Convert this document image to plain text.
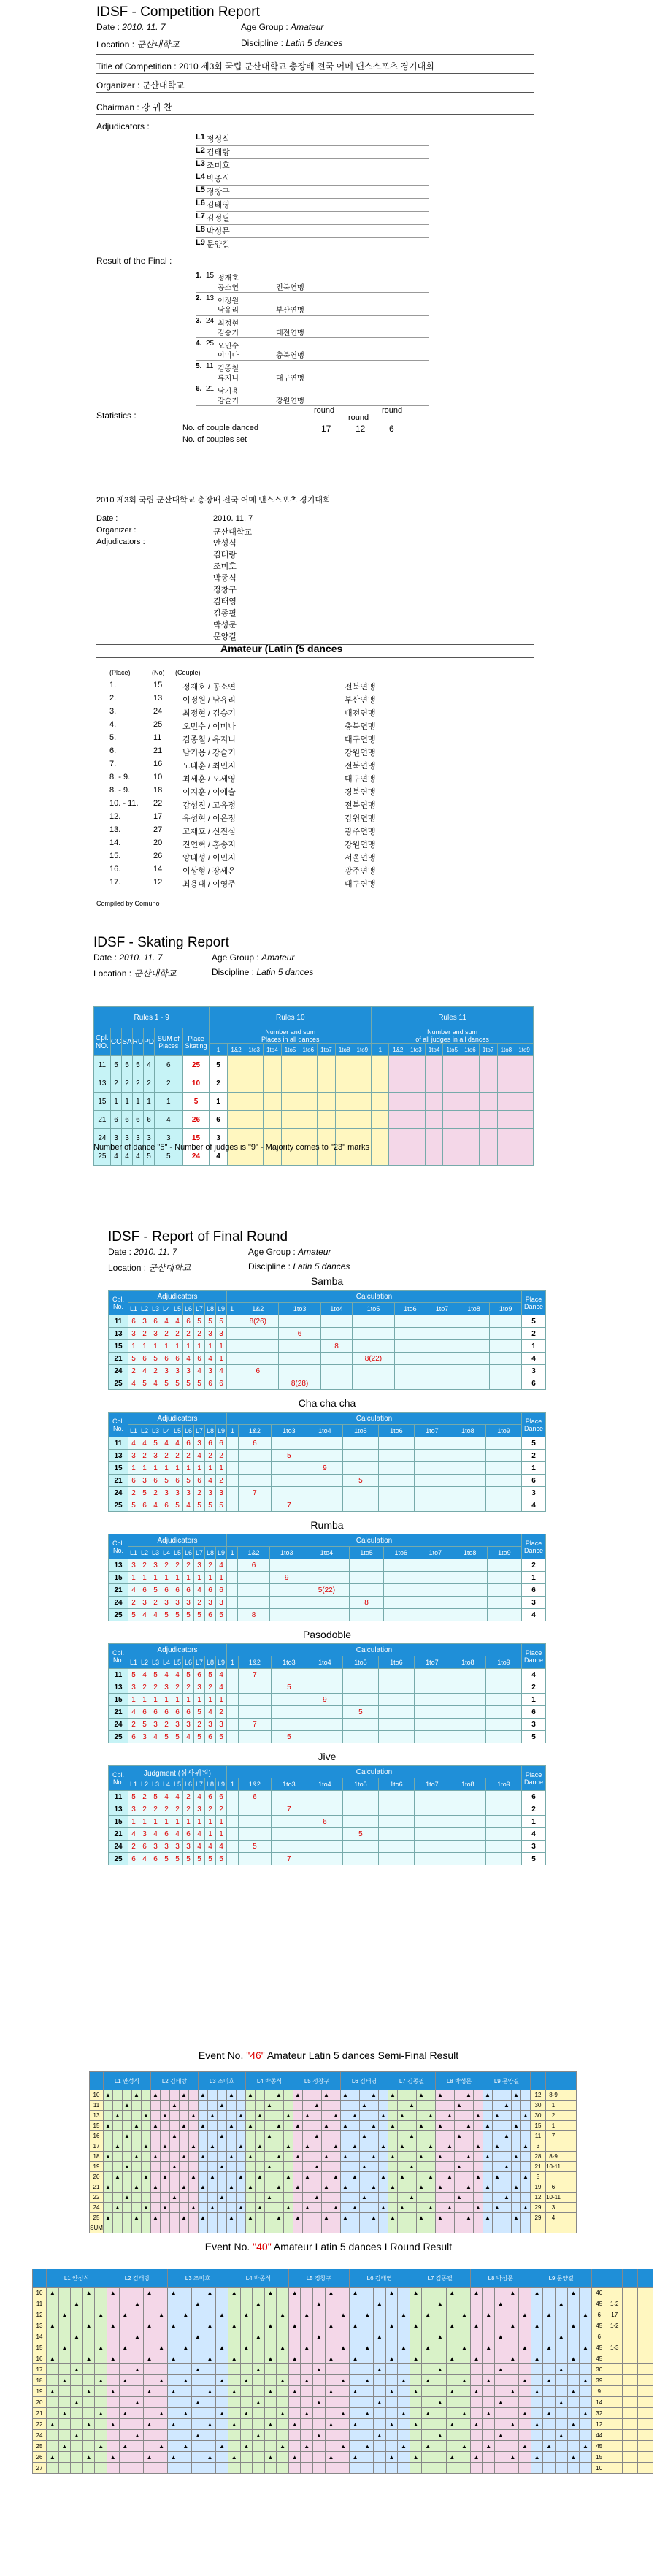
IDSF - Competition Report
Date : 2010. 11. 7	Age Group : Amateur
Location : 군산대학교	Discipline : Latin 5 dances
Title of Competition : 2010 제3회 국립 군산대학교 총장배 전국 어메 댄스스포츠 경기대회
Organizer : 군산대학교
Chairman : 강 귀 찬
Adjudicators :
L1 정성식
L2 김태랑
L3 조미호
L4 박종식
L5 정창구
L6 김태영
L7 김정필
L8 박성문
L9 문양길
Result of the Final :
1. 15 정재호
공소연	전북연맹
2. 13 이정원
남유리	부산연맹
3. 24 최정현
김승기	대전연맹
4. 25 오민수
이미나	충북연맹
5. 11 김종철
류지니	대구연맹
6. 21 남기용
강슬기	강원연맹
Statistics :	round
round
round
No. of couple danced
No. of couples set
17	12	6
2010 제3회 국립 군산대학교 총장배 전국 어메 댄스스포츠 경기대회
Date :	2010. 11. 7
Organizer :	군산대학교
Adjudicators :	안성식
김태랑
조미호
박종식
정창구
김태영
김종필
박성문
문양길
Amateur (Latin (5 dances
(Place)	(No) (Couple)
1.	15	정재호 / 공소연	전북연맹
2.	13	이정원 / 남유리	부산연맹
3.	24	최정현 / 김승기	대전연맹
4.	25	오민수 / 이미나	충북연맹
5.	11	김종철 / 유지니	대구연맹
6.	21	남기용 / 강슬기	강원연맹
7.	16	노태훈 / 최민지	전북연맹
8. - 9.	10	최세훈 / 오세영	대구연맹
8. - 9.	18	이지훈 / 이예슬	경북연맹
10. - 11. 22	강성진 / 고유정	전북연맹
12.	17	유성현 / 이은정	강원연맹
13.	27	고재호 / 신진심	광주연맹
14.	20	진연혁 / 홍송지	강원연맹
15.	26	양태성 / 이민지	서울연맹
16.	14	이상형 / 장세은	광주연맹
17.	12	최용대 / 이영주	대구연맹
Compiled by Comuno
IDSF - Skating Report
Date : 2010. 11. 7	Age Group : Amateur
Location : 군산대학교	Discipline : Latin 5 dances
Rules 1 - 9							Rules 10									Rules 11									
Cpl. NO.	CC	SA	RU	PD	SUM of Places	Place Skating	Number and sum
Places in all dances									Number and sum
of all judges in all dances									
							1	1&2	1to3	1to4	1to5	1to6	1to7	1to8	1to9	1	1&2	1to3	1to4	1to5	1to6	1to7	1to8	1to9	
11	5	5	5	4	6	25	5																		
13	2	2	2	2	2	10	2																		
15	1	1	1	1	1	5	1																		
21	6	6	6	6	4	26	6																		
24	3	3	3	3	3	15	3																		
25	4	4	4	5	5	24	4																		
Number of dance "5" - Number of judges is "9" - Majority comes to "23" marks
IDSF - Report of Final Round
Date : 2010. 11. 7	Age Group : Amateur
Location : 군산대학교	Discipline : Latin 5 dances
Samba
Cpl. No.	Adjudicators									Calculation									Place Dance
	L1	L2	L3	L4	L5	L6	L7	L8	L9	1	1&2	1to3	1to4	1to5	1to6	1to7	1to8	1to9	
11	6	3	6	4	4	6	5	5	5		8(26)								5
13	3	2	3	2	2	2	2	3	3			6							2
15	1	1	1	1	1	1	1	1	1				8						1
21	5	6	5	6	6	4	6	4	1					8(22)					4
24	2	4	2	3	3	3	4	3	4		6								3
25	4	5	4	5	5	5	5	6	6			8(28)							6
Cha cha cha
Cpl. No.	Adjudicators									Calculation									Place Dance
	L1	L2	L3	L4	L5	L6	L7	L8	L9	1	1&2	1to3	1to4	1to5	1to6	1to7	1to8	1to9	
11	4	4	5	4	4	6	3	6	6		6								5
13	3	2	3	2	2	2	4	2	2			5							2
15	1	1	1	1	1	1	1	1	1				9						1
21	6	3	6	5	6	5	6	4	2					5					6
24	2	5	2	3	3	3	2	3	3		7								3
25	5	6	4	6	5	4	5	5	5			7							4
Rumba
Cpl. No.	Adjudicators									Calculation									Place Dance
	L1	L2	L3	L4	L5	L6	L7	L8	L9	1	1&2	1to3	1to4	1to5	1to6	1to7	1to8	1to9	
13	3	2	3	2	2	2	3	2	4		6								2
15	1	1	1	1	1	1	1	1	1			9							1
21	4	6	5	6	6	6	4	6	6				5(22)						6
24	2	3	2	3	3	3	2	3	3					8					3
25	5	4	4	5	5	5	5	6	5		8								4
Pasodoble
Cpl. No.	Adjudicators									Calculation									Place Dance
	L1	L2	L3	L4	L5	L6	L7	L8	L9	1	1&2	1to3	1to4	1to5	1to6	1to7	1to8	1to9	
11	5	4	5	4	4	5	6	5	4		7								4
13	3	2	2	3	2	2	3	2	4			5							2
15	1	1	1	1	1	1	1	1	1				9						1
21	4	6	6	6	6	6	5	4	2					5					6
24	2	5	3	2	3	3	2	3	3		7								3
25	6	3	4	5	5	4	5	6	5			5							5
Jive
Cpl. No.	Judgment (심사위원)									Calculation									Place Dance
	L1	L2	L3	L4	L5	L6	L7	L8	L9	1	1&2	1to3	1to4	1to5	1to6	1to7	1to8	1to9	
11	5	2	5	4	4	2	4	6	6		6								6
13	3	2	2	2	2	2	3	2	2			7							2
15	1	1	1	1	1	1	1	1	1				6						1
21	4	3	4	6	4	6	4	1	1					5					4
24	2	6	3	3	3	3	4	4	4		5								3
25	6	4	6	5	5	5	5	5	5			7							5
Event No. "46" Amateur Latin 5 dances Semi-Final Result
	L1 안성식					L2 김태랑					L3 조미호					L4 박종식					L5 정창구					L6 김태영					L7 김종필					L8 박성문					L9 문양길							
10	▲			▲		▲			▲		▲			▲		▲			▲		▲			▲		▲			▲		▲			▲		▲			▲		▲			▲		12	8-9	
11			▲					▲					▲					▲					▲					▲					▲					▲					▲			30	1	
13		▲			▲		▲			▲		▲			▲		▲			▲		▲			▲		▲			▲		▲			▲		▲			▲		▲			▲	30	2	
15	▲			▲		▲			▲		▲			▲		▲			▲		▲			▲		▲			▲		▲			▲		▲			▲		▲			▲		15	1	
16			▲					▲					▲					▲					▲					▲					▲					▲					▲			11	7	
17		▲			▲		▲			▲		▲			▲		▲			▲		▲			▲		▲			▲		▲			▲		▲			▲		▲			▲	3		
18	▲			▲		▲			▲		▲			▲		▲			▲		▲			▲		▲			▲		▲			▲		▲			▲		▲			▲		28	8-9	
19			▲					▲					▲					▲					▲					▲					▲					▲					▲			21	10-11	
20		▲			▲		▲			▲		▲			▲		▲			▲		▲			▲		▲			▲		▲			▲		▲			▲		▲			▲	5		
21	▲			▲		▲			▲		▲			▲		▲			▲		▲			▲		▲			▲		▲			▲		▲			▲		▲			▲		19	6	
22			▲					▲					▲					▲					▲					▲					▲					▲					▲			12	10-11	
24		▲			▲		▲			▲		▲			▲		▲			▲		▲			▲		▲			▲		▲			▲		▲			▲		▲			▲	29	3	
25	▲			▲		▲			▲		▲			▲		▲			▲		▲			▲		▲			▲		▲			▲		▲			▲		▲			▲		29	4	
SUM																																																
Event No. "40" Amateur Latin 5 dances I Round Result
	L1 안성식					L2 김태랑					L3 조미호					L4 박종식					L5 정창구					L6 김태영					L7 김종필					L8 박성문					L9 문양길								
10	▲			▲		▲			▲		▲			▲		▲			▲		▲			▲		▲			▲		▲			▲		▲			▲		▲			▲		40			
11			▲					▲					▲					▲					▲					▲					▲					▲					▲			45	1-2		
12		▲			▲		▲			▲		▲			▲		▲			▲		▲			▲		▲			▲		▲			▲		▲			▲		▲			▲	6	17		
13	▲			▲		▲			▲		▲			▲		▲			▲		▲			▲		▲			▲		▲			▲		▲			▲		▲			▲		45	1-2		
14			▲					▲					▲					▲					▲					▲					▲					▲					▲			6			
15		▲			▲		▲			▲		▲			▲		▲			▲		▲			▲		▲			▲		▲			▲		▲			▲		▲			▲	45	1-3		
16	▲			▲		▲			▲		▲			▲		▲			▲		▲			▲		▲			▲		▲			▲		▲			▲		▲			▲		45			
17			▲					▲					▲					▲					▲					▲					▲					▲					▲			30			
18		▲			▲		▲			▲		▲			▲		▲			▲		▲			▲		▲			▲		▲			▲		▲			▲		▲			▲	39			
19	▲			▲		▲			▲		▲			▲		▲			▲		▲			▲		▲			▲		▲			▲		▲			▲		▲			▲		9			
20			▲					▲					▲					▲					▲					▲					▲					▲					▲			14			
21		▲			▲		▲			▲		▲			▲		▲			▲		▲			▲		▲			▲		▲			▲		▲			▲		▲			▲	32			
22	▲			▲		▲			▲		▲			▲		▲			▲		▲			▲		▲			▲		▲			▲		▲			▲		▲			▲		12			
24			▲					▲					▲					▲					▲					▲					▲					▲					▲			44			
25		▲			▲		▲			▲		▲			▲		▲			▲		▲			▲		▲			▲		▲			▲		▲			▲		▲			▲	45			
26	▲			▲		▲			▲		▲			▲		▲			▲		▲			▲		▲			▲		▲			▲		▲			▲		▲			▲		15			
27																																														10			
